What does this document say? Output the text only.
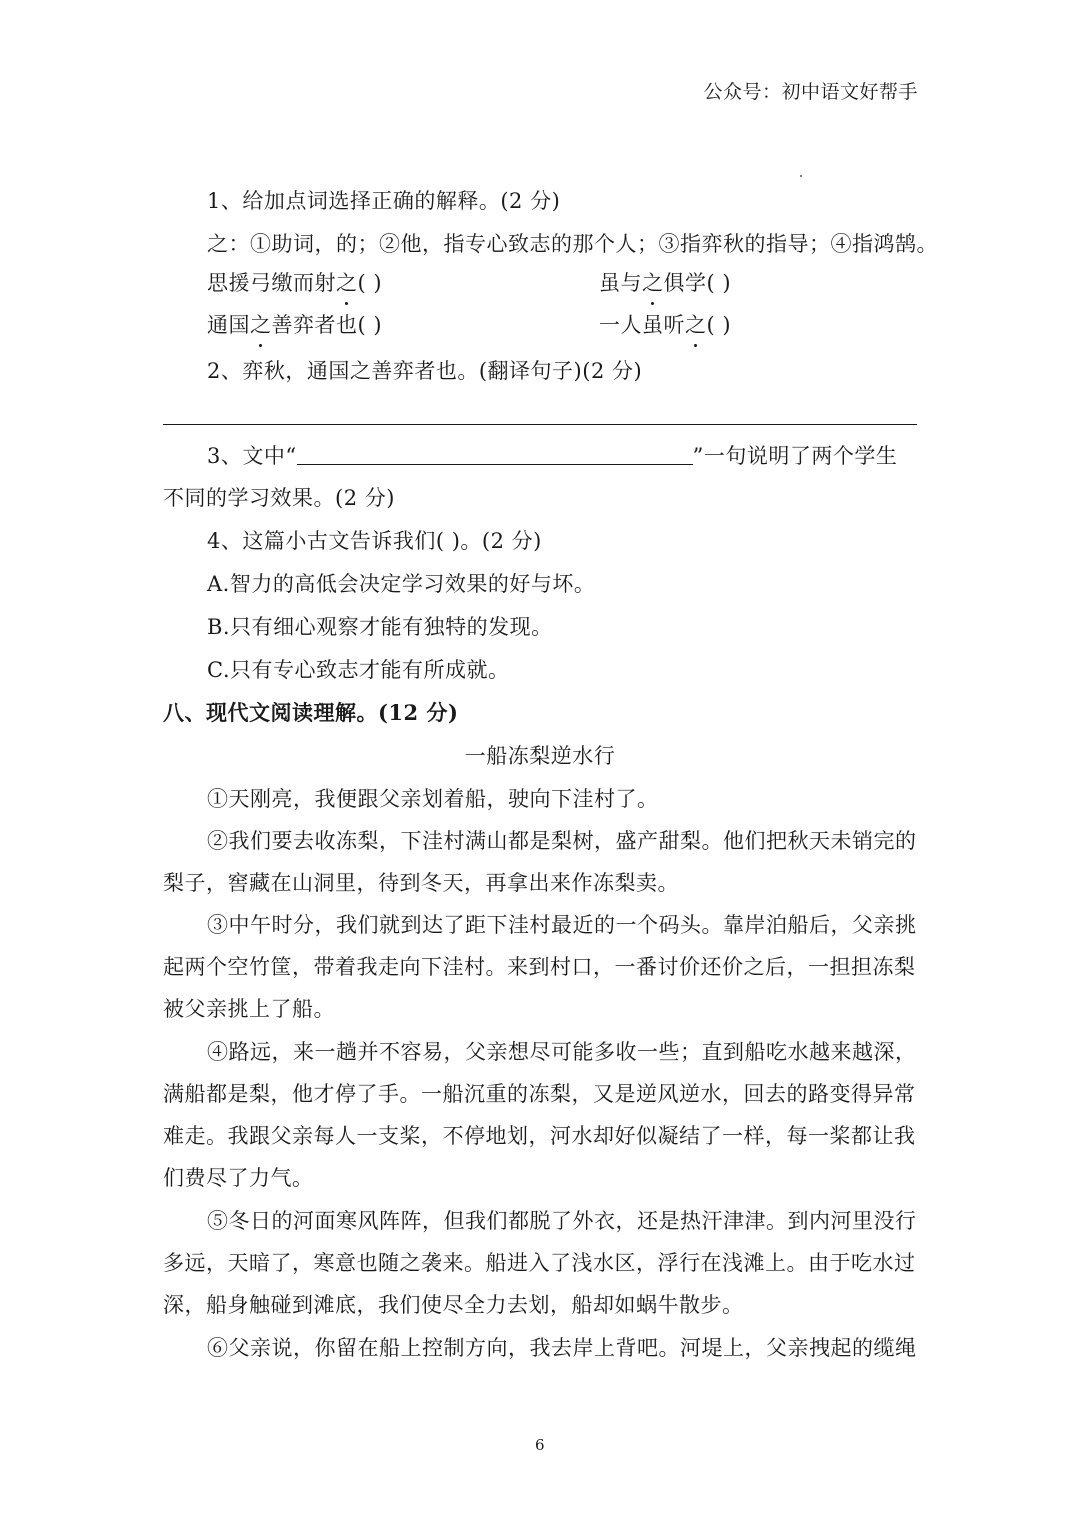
公众号：初中语文好帮手
1、给加点词选择正确的解释。(2 分)
之：①助词，的；②他，指专心致志的那个人；③指弈秋的指导；④指鸿鹄。
思援弓缴而射之( )	虽与之俱学( )
通国之善弈者也( )	一人虽听之( )
2、弈秋，通国之善弈者也。(翻译句子)(2 分)
3、文中“	”一句说明了两个学生
不同的学习效果。(2 分)
4、这篇小古文告诉我们( )。(2 分)
A.智力的高低会决定学习效果的好与坏。
B.只有细心观察才能有独特的发现。
C.只有专心致志才能有所成就。
八、现代文阅读理解。(12 分)
一船冻梨逆水行
①天刚亮，我便跟父亲划着船，驶向下洼村了。
②我们要去收冻梨，下洼村满山都是梨树，盛产甜梨。他们把秋天未销完的
梨子，窖藏在山洞里，待到冬天，再拿出来作冻梨卖。
③中午时分，我们就到达了距下洼村最近的一个码头。靠岸泊船后，父亲挑
起两个空竹筐，带着我走向下洼村。来到村口，一番讨价还价之后，一担担冻梨
被父亲挑上了船。
④路远，来一趟并不容易，父亲想尽可能多收一些；直到船吃水越来越深，
满船都是梨，他才停了手。一船沉重的冻梨，又是逆风逆水，回去的路变得异常
难走。我跟父亲每人一支桨，不停地划，河水却好似凝结了一样，每一桨都让我
们费尽了力气。
⑤冬日的河面寒风阵阵，但我们都脱了外衣，还是热汗津津。到内河里没行
多远，天暗了，寒意也随之袭来。船进入了浅水区，浮行在浅滩上。由于吃水过
深，船身触碰到滩底，我们使尽全力去划，船却如蜗牛散步。
⑥父亲说，你留在船上控制方向，我去岸上背吧。河堤上，父亲拽起的缆绳
6
